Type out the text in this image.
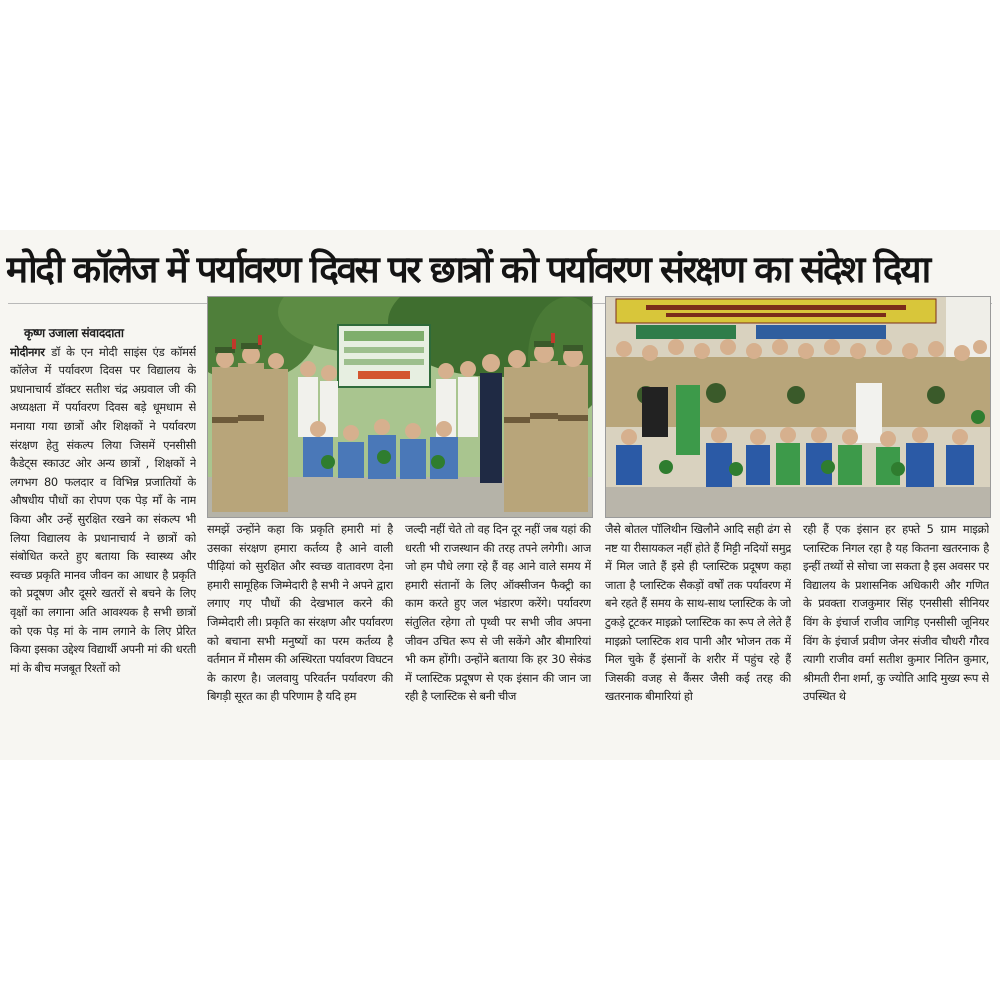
मोदी कॉलेज में पर्यावरण दिवस पर छात्रों को पर्यावरण संरक्षण का संदेश दिया

कृष्ण उजाला संवाददाता
मोदीनगर डॉ के एन मोदी साइंस एंड कॉमर्स कॉलेज में पर्यावरण दिवस पर विद्यालय के प्रधानाचार्य डॉक्टर सतीश चंद्र अग्रवाल जी की अध्यक्षता में पर्यावरण दिवस बड़े धूमधाम से मनाया गया छात्रों और शिक्षकों ने पर्यावरण संरक्षण हेतु संकल्प लिया जिसमें एनसीसी कैडेट्स स्काउट ओर अन्य छात्रों , शिक्षकों ने लगभग 80 फलदार व विभिन्न प्रजातियों के औषधीय पौधों का रोपण एक पेड़ माँ के नाम किया और उन्हें सुरक्षित रखने का संकल्प भी लिया विद्यालय के प्रधानाचार्य ने छात्रों को संबोधित करते हुए बताया कि स्वास्थ्य और स्वच्छ प्रकृति मानव जीवन का आधार है प्रकृति को प्रदूषण और दूसरे खतरों से बचने के लिए वृक्षों का लगाना अति आवश्यक है सभी छात्रों को एक पेड़ मां के नाम लगाने के लिए प्रेरित किया इसका उद्देश्य विद्यार्थी अपनी मां की धरती मां के बीच मजबूत रिश्तों को

समझें उन्होंने कहा कि प्रकृति हमारी मां है उसका संरक्षण हमारा कर्तव्य है आने वाली पीढ़ियां को सुरक्षित और स्वच्छ वातावरण देना हमारी सामूहिक जिम्मेदारी है सभी ने अपने द्वारा लगाए गए पौधों की देखभाल करने की जिम्मेदारी ली। प्रकृति का संरक्षण और पर्यावरण को बचाना सभी मनुष्यों का परम कर्तव्य है वर्तमान में मौसम की अस्थिरता पर्यावरण विघटन के कारण है। जलवायु परिवर्तन पर्यावरण की बिगड़ी सूरत का ही परिणाम है यदि हम

जल्दी नहीं चेते तो वह दिन दूर नहीं जब यहां की धरती भी राजस्थान की तरह तपने लगेगी। आज जो हम पौधे लगा रहे हैं वह आने वाले समय में हमारी संतानों के लिए ऑक्सीजन फैक्ट्री का काम करते हुए जल भंडारण करेंगे। पर्यावरण संतुलित रहेगा तो पृथ्वी पर सभी जीव अपना जीवन उचित रूप से जी सकेंगे और बीमारियां भी कम होंगी। उन्होंने बताया कि हर 30 सेकंड में प्लास्टिक प्रदूषण से एक इंसान की जान जा रही है प्लास्टिक से बनी चीज

जैसे बोतल पॉलिथीन खिलौने आदि सही ढंग से नष्ट या रीसायकल नहीं होते हैं मिट्टी नदियों समुद्र में मिल जाते हैं इसे ही प्लास्टिक प्रदूषण कहा जाता है प्लास्टिक सैकड़ों वर्षों तक पर्यावरण में बने रहते हैं समय के साथ-साथ प्लास्टिक के जो टुकड़े टूटकर माइक्रो प्लास्टिक का रूप ले लेते हैं माइक्रो प्लास्टिक शव पानी और भोजन तक में मिल चुके हैं इंसानों के शरीर में पहुंच रहे हैं जिसकी वजह से कैंसर जैसी कई तरह की खतरनाक बीमारियां हो

रही हैं एक इंसान हर हफ्ते 5 ग्राम माइक्रो प्लास्टिक निगल रहा है यह कितना खतरनाक है इन्हीं तथ्यों से सोचा जा सकता है इस अवसर पर विद्यालय के प्रशासनिक अधिकारी और गणित के प्रवक्ता राजकुमार सिंह एनसीसी सीनियर विंग के इंचार्ज राजीव जागिड़ एनसीसी जूनियर विंग के इंचार्ज प्रवीण जेनर संजीव चौधरी गौरव त्यागी राजीव वर्मा सतीश कुमार नितिन कुमार, श्रीमती रीना शर्मा, कु ज्योति आदि मुख्य रूप से उपस्थित थे
